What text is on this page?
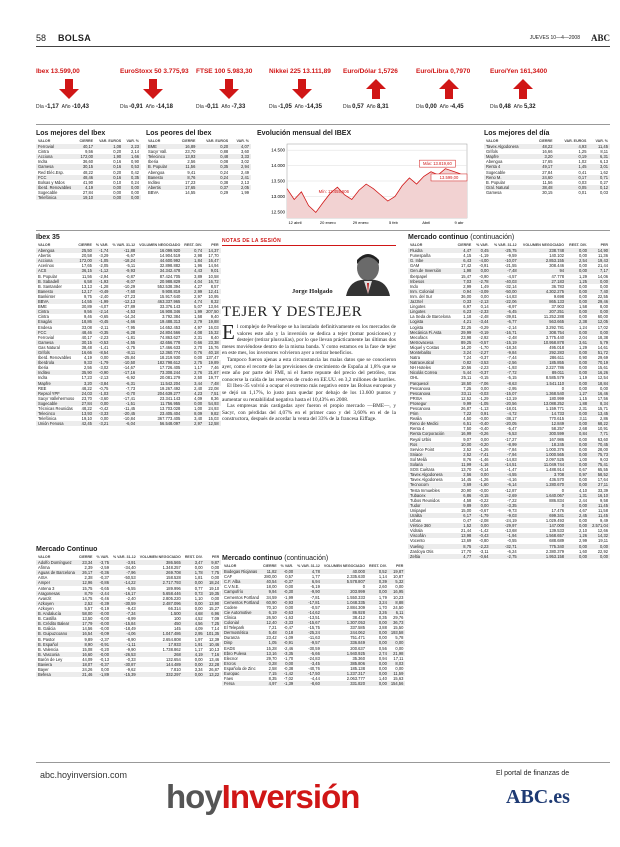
58 BOLSA	JUEVES 10—4—2008 ABC
Ibex 13.599,00
Día -1,17 Año -10,43
EuroStoxx 50 3.775,93
Día -0,91 Año -14,18
FTSE 100 5.983,30
Día -0,11 Año -7,33
Nikkei 225 13.111,89
Día -1,05 Año -14,35
Euro/Dólar 1,5726
Día 0,57 Año 8,31
Euro/Libra 0,7970
Día 0,00 Año -4,45
Euro/Yen 161,3400
Día 0,48 Año 5,32
Los mejores del Ibex
VALOR	CIERRE	VAR. EUROS	VAR. %
Ferrovial	40,17	1,08	2,23
Cintra	9,56	0,20	2,14
Acciona	172,00	1,90	1,66
Indra	36,60	0,16	0,90
Gamesa	30,15	0,16	0,53
Red Eléc.Esp.	48,22	0,20	0,42
FCC	48,46	0,16	0,35
Bolsas y Mdos	41,90	0,10	0,24
Iberd. Renovables	4,19	0,00	0,00
Sogecable	27,84	0,00	0,00
Telefónica	19,10	0,00	0,00
Los peores del Ibex
VALOR	CIERRE	VAR. EUROS	VAR. %
BME	16,89	0,20	4,07
Sacyr Vall.	23,70	0,88	3,60
Telecinco	13,93	0,48	3,33
Iberia	2,56	0,08	3,02
B. Popular	11,56	0,35	2,94
Abengoa	9,41	0,24	2,49
Banesto	8,76	0,24	2,41
Inditex	17,23	0,38	2,13
Abertis	17,65	0,37	2,05
BBVA	14,55	0,29	1,99
Evolución mensual del IBEX
12.500
13.000
13.500
14.000
14.500
12 abril	20 enero	29 enero	5 feb	Abril	9 abr
Máx: 13.819,60
Mín: 12.455,606
13.599,00
Los mejores del día
VALOR	CIERRE	VAR. EUROS	VAR. %
Tavex Algodonera	48,22	4,93	11,45
Grifols	16,66	1,25	8,11
Mapfre	3,20	0,19	6,31
Abengoa	17,65	1,02	6,13
Renta 4	49,17	1,45	3,01
Sogecable	27,84	0,41	1,62
Reno M.	24,60	0,17	0,71
B. Popular	11,56	0,03	0,27
Gral. Natural	38,48	0,05	0,12
Gamesa	30,15	0,01	0,03
Ibex 35
VALOR	CIERRE	% VAR.	% VAR. 31-12	VOLUMEN NEGOCIADO	REST. DIV.	PER
Abengoa	25,50	-1,74	-11,88	16.099.920	0,74	14,37
Abertis	20,58	-3,29	-6,67	14.904.519	2,98	17,70
Acciona	172,00	-1,05	-18,24	44.600.992	1,84	16,47
Acerinox	17,65	-2,05	-5,11	32.898.882	1,96	14,94
ACS	36,15	-1,12	-9,93	34.342.478	4,43	9,01
B. Popular	11,56	-2,94	-0,87	87.424.705	3,89	10,58
B. Sabadell	6,58	-1,93	-8,07	20.988.829	4,04	16,72
B. Santander	13,13	-1,28	-10,29	552.538.394	4,27	8,57
Banesto	12,17	-0,49	-7,60	9.908.819	2,99	12,41
Bankinter	9,75	-2,40	-27,23	15.917.640	2,97	10,95
BBVA	14,55	-1,99	-12,13	463.337.965	4,74	8,32
BME	30,89	-4,07	-27,89	33.376.143	5,07	13,94
Cintra	9,56	-2,14	-4,53	16.908.346	1,99	207,50
Cintra	9,46	-0,65	-14,34	3.792.384	1,58	9,40
Enagás	18,86	-0,45	-4,66	19.488.313	2,79	19,88
Endesa	33,08	-2,11	-7,95	14.652.453	4,97	16,03
FCC	48,46	-0,35	-6,28	24.804.566	4,08	15,32
Ferrovial	40,17	-2,23	-1,81	74.863.627	2,31	8,40
Gamesa	30,15	-0,53	-4,55	42.656.778	0,66	23,38
Gas Natural	38,48	-1,41	-2,75	17.466.633	2,70	15,76
Grifols	16,66	-8,54	-8,11	12.360.774	0,76	40,18
Iberd. Renovables	4,19	0,00	-25,84	18.219.930	0,00	137,47
Iberdrola	9,33	-1,79	-10,50	182.798.612	2,75	19,89
Iberia	2,56	-3,02	-14,67	17.726.405	1,17	7,46
Inditex	35,90	-0,90	-17,16	73.308.244	2,76	21,67
Indra	17,23	-2,13	-6,92	20.081.279	2,50	19,77
Mapfre	3,20	-3,84	-6,31	11.542.204	3,44	7,48
REE	48,22	-0,75	-7,73	19.267.492	2,40	22,08
Repsol YPF	24,03	-1,03	-0,70	204.639.277	4,23	7,51
Sacyr Vallehermoso	23,70	-3,60	-17,41	23.341.143	4,09	8,36
Sogecable	27,84	0,00	-1,51	11.756.955	0,00	54,93
Técnicas Reunidas	48,22	-0,42	-11,45	13.703.028	1,00	24,93
Telecinco	13,93	-3,33	-20,45	23.405.404	8,09	9,82
Telefónica	19,10	0,00	-10,84	367.773.405	3,40	15,03
Unión Fenosa	42,45	-3,21	-6,04	56.548.097	2,97	12,58
Mercado Continuo
VALOR	CIERRE	% VAR.	% VAR. 31-12	VOLUMEN NEGOCIADO	REST. DIV.	PER
Adolfo Domínguez	23,34	-3,75	-3,91	386.565	3,47	9,87
Afirma	2,39	-2,59	-34,40	1.348.257	0,00	0,00
Aguas de Barcelona	26,17	-0,36	-7,96	269.708	1,78	7,75
AISA	2,38	-0,37	-50,53	158.528	1,81	0,00
Amper	12,96	-0,86	-14,22	2.717.793	0,00	18,24
Antena 3	15,75	-0,65	-5,55	189.996	0,77	19,10
Aragonesas	8,79	-2,44	-16,17	5.658.446	0,73	19,35
Avanzit	14,75	-0,46	-2,40	2.805.220	1,10	0,00
Azkoyen	2,52	-0,39	-30,59	2.487.096	0,00	13,90
Azkoyen	5,57	-0,19	-9,43	66.314	0,00	15,27
B. Andalucía	58,00	-0,00	-7,34	1.500	4,68	6,96
B. Castilla	13,50	-0,00	-8,99	100	4,52	7,09
B. Crédito Balear	17,79	-0,00	-15,84	450	4,56	7,25
B. Galicia	14,56	-0,00	-18,49	145	4,09	7,14
B. Guipuzcoano	16,54	-0,09	-4,06	1.047.486	2,95	101,35
B. Pastor	9,89	-2,37	-8,90	2.654.808	1,97	12,39
B. Español	8,90	-0,91	-1,11	17.933	1,91	10,46
B. Valencia	15,08	-0,20	-9,90	1.738.862	1,17	10,13
B. Vasconia	16,60	-0,00	-26,53	268	4,19	7,16
Barón de Ley	44,09	-0,13	-0,33	132.654	0,00	13,46
Baviera	18,07	-0,37	-30,87	144.489	0,00	22,28
Bayer	24,26	0,00	-9,62	7.810	3,34	26,87
Befesa	21,46	-1,89	-15,39	332.297	0,00	13,22
NOTAS DE LA SESIÓN
Jorge Holgado
TEJER Y DESTEJER

El complejo de Penélope se ha instalado definitivamente en los mercados de valores este año y la inversión se dedica a tejer (tomar posiciones) y destejer (retirar plusvalías), por lo que llevan prácticamente las últimas dos meses moviéndose dentro de la misma banda. Y como estamos en la fase de tejer en este mes, los inversores volvieron ayer a retirar beneficios.

Tampoco fueron ajenas a esta circunstancia las malas datos que se conocieron ayer, como el recorte de las previsiones de crecimiento de España al 1,8% que se este año por parte del FMI, ni el fuerte repunte del precio del petróleo, tras conocerse la caída de las reservas de crudo en EE.UU. en 3,2 millones de barriles.

El Ibex-35 volvió a ocupar el extremo más negativo entre las Bolsas europeas y se dejó un 1,17%, lo justo para quedar por debajo de los 13.600 puntos y aumentar su rentabilidad negativa hasta el 10,43% en 2008.

Las empresas más castigadas ayer fueron el propio mercado —BME—, y Sacyr, con pérdidas del 4,07% en el primer caso y del 3,60% en el de la constructora, después de acordar la venta del 33% de la francesa Eiffage.

Mercado continuo (continuación)
VALOR	CIERRE	% VAR.	% VAR. 31-12	VOLUMEN NEGOCIADO	REST. DIV.	PER
Bodegas Riojanas	11,82	-0,00	4,78	40.000	0,52	19,87
CAF	280,00	0,57	1,77	2.335.630	1,14	10,87
C.F. Alba	40,54	-0,37	6,94	5.578.807	0,39	5,32
C.V.N.E.	18,00	0,00	-5,19	0	2,60	0,00
Campofrío	9,94	-0,30	-9,90	203.999	0,00	16,95
Cementos Portland	34,59	-1,99	-7,81	1.550.333	1,79	10,23
Cementos Portland	60,90	-0,93	-17,81	1.048.335	3,24	8,88
Codere	70,10	0,00	-0,57	2.884.309	1,70	24,50
Cie Automotive	6,19	-0,63	-14,62	86.928	3,26	6,11
Clinica	26,50	-1,63	-13,51	38.412	0,35	29,76
Colonial	12,40	-3,33	-15,67	1.307.053	0,00	36,73
El Telepark	7,21	-0,47	-15,75	337.585	3,88	15,50
Dermostética	5,48	0,18	-25,24	244.062	0,00	193,58
Duranza	23,42	-1,09	-11,63	751.471	0,00	5,78
Dinp	1,05	-0,91	-9,57	336.849	0,00	0,00
EADS	15,28	-2,46	-30,59	200.637	0,56	0,00
Ebro Puleva	13,16	-3,35	-5,66	1.940.925	2,74	21,98
Elecnor	29,70	-1,70	-24,83	35.360	0,94	17,11
Ercros	0,28	0,00	-3,45	385.806	0,00	8,03
Española de Zinc	2,58	-0,38	-40,76	185.138	0,00	0,00
Europac	7,15	-1,42	-17,50	1.237.317	0,00	11,59
Faes	8,35	-7,02	-4,44	2.063.777	1,40	15,63
Fersa	4,97	-1,39	-8,60	331.820	0,00	154,56
Mercado continuo (continuación)
VALOR	CIERRE	% VAR.	% VAR. 31-12	VOLUMEN NEGOCIADO	REST. DIV.	PER
Fluidra	4,47	0,45	-25,75	238.748	0,00	14,90
Funespaña	4,15	-1,19	-9,59	140.102	0,00	11,36
G. Inbe	6,43	-4,00	-10,07	2.853.155	2,54	19,43
GAM	17,42	-0,91	-21,55	308.446	0,00	21,44
Gen.de Inversión	1,98	0,00	-7,48	94	0,00	7,17
Iberpapel	15,47	-0,90	-4,57	47.778	1,29	14,06
Inbesos	7,03	-2,78	-40,03	27.183	1,25	0,00
Indo	2,99	1,49	-32,14	36.783	0,00	0,00
Inm. Colonial	0,94	-3,09	-50,00	4.302.275	0,00	7,40
Inm. del Sur	36,00	0,00	-14,83	9.698	0,00	22,55
Jazztel	0,33	-2,13	-22,06	865.133	0,00	29,46
Lingotes	6,97	0,14	-8,97	37.903	1,58	8,00
Lingotes	6,23	-2,33	-6,45	207.251	0,00	0,00
La Seda de Barcelona	1,18	-2,48	-39,81	11.252.288	0,00	60,00
Logista	4,21	-3,44	-6,77	563.665	2,38	12,05
Logista	32,25	-0,29	-2,14	3.292.781	1,24	17,02
Mecánica Fi.Asta	29,99	-0,19	-16,71	308.754	0,00	0,00
Mecofacs	23,98	-2,92	-2,48	3.775.440	2,04	18,38
Metrovacesa	89,25	-0,57	-15,19	10.958.878	3,61	5,79
Miquel y Costas	14,20	-1,70	-18,34	495.018	1,29	14,61
Montebalito	3,24	-2,27	-9,84	292.283	0,00	51,72
Natra	7,24	-0,37	-7,44	286.611	0,90	29,69
Natraceutical	0,82	-3,53	-2,56	185.855	0,00	70,19
NH Hoteles	10,56	-2,23	-1,93	2.227.786	0,00	15,61
Nicolás Correa	5,44	-0,37	-7,72	89.011	0,00	16,26
OHL	25,11	-0,15	-5,15	8.585.579	1,19	12,54
Parquesol	18,50	-7,06	-8,63	1.541.110	0,00	18,84
Pescanova	7,25	0,00	-2,95	0	0,00	0,00
Pescanova	33,11	-0,03	-15,07	1.368.540	1,27	16,46
PRISA	12,52	-1,29	-13,19	180.999	1,15	17,56
Prosegur	9,99	-1,05	-20,56	13.088.252	1,88	8,34
Pescanova	26,87	-1,13	-18,01	1.159.771	2,31	15,71
Prim	7,22	0,91	-4,72	14.733	0,00	13,45
Realia	4,50	-0,00	-38,17	770.615	3,11	2,86
Reno de Medici	6,51	-0,40	-20,05	12.849	0,00	68,22
Renta 4	7,50	-0,40	-5,47	58.257	2,68	10,91
Renta Corporación	16,99	-0,26	-5,53	300.599	0,84	7,71
Reyal Urbis	9,07	0,00	-17,27	167.986	0,00	63,60
Ros	10,00	-0,20	-8,99	18.245	0,00	70,45
Service Point	2,52	-1,26	-7,84	1.000.376	0,00	28,00
Sniace	2,52	-7,41	-7,94	1.000.565	0,00	75,73
Sol Meliá	8,76	-1,46	-14,83	2.097.525	1,00	9,03
Solaria	11,99	-1,16	-14,51	11.049.744	0,00	75,41
SOS Cuétara	13,70	-0,14	-1,47	1.488.914	0,67	65,55
Tavex Algodonera	2,56	0,00	-4,55	3.708	0,97	58,52
Tavex Algodonera	14,45	-1,26	-4,16	436.570	0,00	17,64
Tecnocom	3,69	-1,60	-6,14	1.280.670	0,00	27,11
Testa Inmuebles	20,90	-0,00	-12,87	0	4,10	33,39
Tubacex	6,86	-0,15	-2,69	1.640.067	1,31	16,10
Tubos Reunidos	4,58	-0,22	-7,22	886.834	2,44	9,58
Tudor	9,89	0,00	-3,35	0	0,00	11,45
Unipapel	15,00	-0,67	-9,73	17.476	4,67	11,58
Uralita	6,17	-1,79	-9,03	699.341	2,45	11,45
Urbas	0,47	-2,08	-24,19	1.029.493	0,00	9,49
Vértice 360	1,52	0,00	-29,97	147.000	0,00	2.571,04
Vidrala	21,44	-1,42	-13,68	139.533	2,10	12,66
Viscofán	13,98	-0,43	-1,94	1.568.657	1,26	14,32
Vocento	13,69	-0,80	-0,55	688.689	2,99	19,11
Vueling	8,75	-2,23	-32,71	775.340	0,00	0,00
Zardoya Otis	17,70	-3,11	-6,24	2.380.379	1,60	22,92
Zeltia	4,77	-0,64	-2,75	1.953.158	0,00	0,00
abc.hoyinversion.com
hoyInversión
El portal de finanzas de
ABC.es
